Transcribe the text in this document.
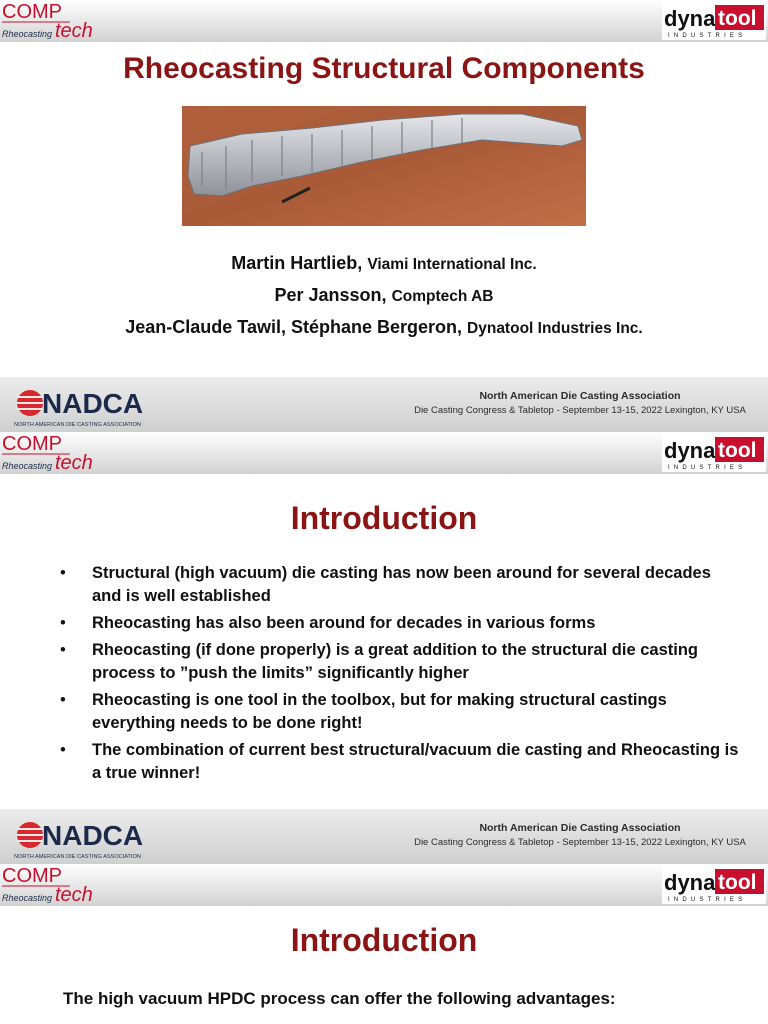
COMP
tech
Rheocasting
dyna tool
INDUSTRIES
Rheocasting Structural Components
Martin Hartlieb, Viami International Inc.
Per Jansson, Comptech AB
Jean-Claude Tawil, Stéphane Bergeron, Dynatool Industries Inc.
NADCA
NORTH AMERICAN DIE CASTING ASSOCIATION
North American Die Casting Association
Die Casting Congress & Tabletop - September 13-15, 2022 Lexington, KY USA
COMP
tech
Rheocasting
dyna tool
INDUSTRIES
Introduction
• Structural (high vacuum) die casting has now been around for several decades and is well established
• Rheocasting has also been around for decades in various forms
• Rheocasting (if done properly) is a great addition to the structural die casting process to ”push the limits” significantly higher
• Rheocasting is one tool in the toolbox, but for making structural castings everything needs to be done right!
• The combination of current best structural/vacuum die casting and Rheocasting is a true winner!
NADCA
NORTH AMERICAN DIE CASTING ASSOCIATION
North American Die Casting Association
Die Casting Congress & Tabletop - September 13-15, 2022 Lexington, KY USA
COMP
tech
Rheocasting
dyna tool
INDUSTRIES
Introduction
The high vacuum HPDC process can offer the following advantages:
